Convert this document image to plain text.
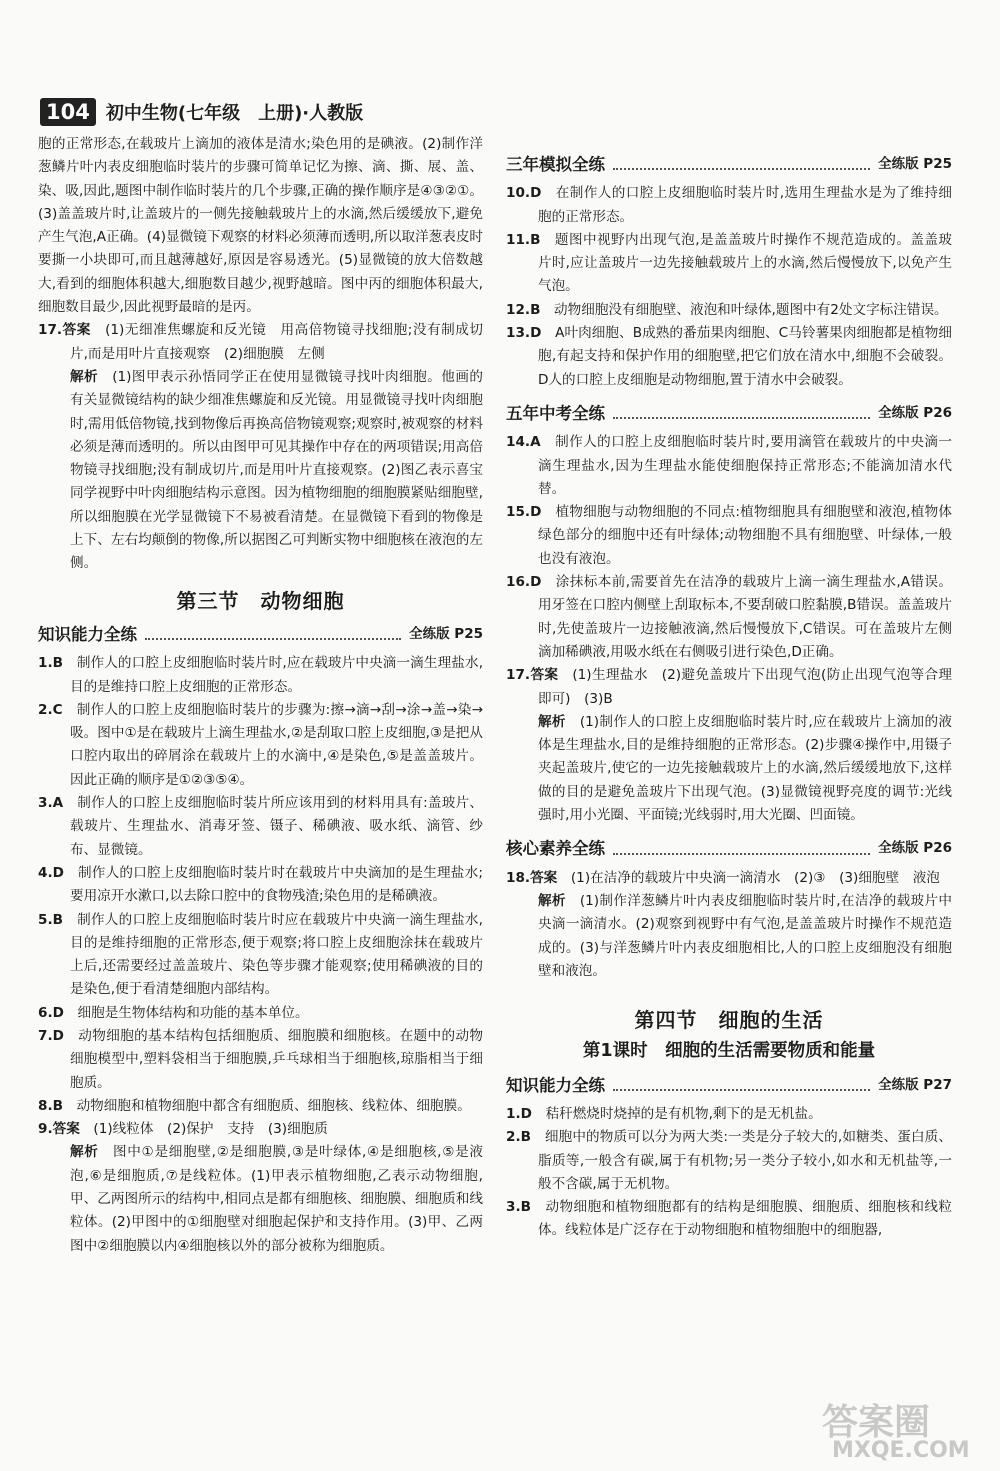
104 初中生物(七年级　上册)·人教版

胞的正常形态,在载玻片上滴加的液体是清水;染色用的是碘液。(2)制作洋葱鳞片叶内表皮细胞临时装片的步骤可简单记忆为擦、滴、撕、展、盖、染、吸,因此,题图中制作临时装片的几个步骤,正确的操作顺序是④③②①。(3)盖盖玻片时,让盖玻片的一侧先接触载玻片上的水滴,然后缓缓放下,避免产生气泡,A正确。(4)显微镜下观察的材料必须薄而透明,所以取洋葱表皮时要撕一小块即可,而且越薄越好,原因是容易透光。(5)显微镜的放大倍数越大,看到的细胞体积越大,细胞数目越少,视野越暗。图中丙的细胞体积最大,细胞数目最少,因此视野最暗的是丙。

17.答案　 (1)无细准焦螺旋和反光镜　用高倍物镜寻找细胞;没有制成切片,而是用叶片直接观察　(2)细胞膜　左侧

解析　 (1)图甲表示孙悟同学正在使用显微镜寻找叶肉细胞。他画的有关显微镜结构的缺少细准焦螺旋和反光镜。用显微镜寻找叶肉细胞时,需用低倍物镜,找到物像后再换高倍物镜观察;观察时,被观察的材料必须是薄而透明的。所以由图甲可见其操作中存在的两项错误;用高倍物镜寻找细胞;没有制成切片,而是用叶片直接观察。(2)图乙表示喜宝同学视野中叶肉细胞结构示意图。因为植物细胞的细胞膜紧贴细胞壁,所以细胞膜在光学显微镜下不易被看清楚。在显微镜下看到的物像是上下、左右均颠倒的物像,所以据图乙可判断实物中细胞核在液泡的左侧。

第三节　动物细胞
知识能力全练	全练版 P25

1.B　 制作人的口腔上皮细胞临时装片时,应在载玻片中央滴一滴生理盐水,目的是维持口腔上皮细胞的正常形态。

2.C　 制作人的口腔上皮细胞临时装片的步骤为:擦→滴→刮→涂→盖→染→吸。图中①是在载玻片上滴生理盐水,②是刮取口腔上皮细胞,③是把从口腔内取出的碎屑涂在载玻片上的水滴中,④是染色,⑤是盖盖玻片。因此正确的顺序是①②③⑤④。

3.A　 制作人的口腔上皮细胞临时装片所应该用到的材料用具有:盖玻片、载玻片、生理盐水、消毒牙签、镊子、稀碘液、吸水纸、滴管、纱布、显微镜。

4.D　 制作人的口腔上皮细胞临时装片时在载玻片中央滴加的是生理盐水;要用凉开水漱口,以去除口腔中的食物残渣;染色用的是稀碘液。

5.B　 制作人的口腔上皮细胞临时装片时应在载玻片中央滴一滴生理盐水,目的是维持细胞的正常形态,便于观察;将口腔上皮细胞涂抹在载玻片上后,还需要经过盖盖玻片、染色等步骤才能观察;使用稀碘液的目的是染色,便于看清楚细胞内部结构。

6.D　 细胞是生物体结构和功能的基本单位。

7.D　 动物细胞的基本结构包括细胞质、细胞膜和细胞核。在题中的动物细胞模型中,塑料袋相当于细胞膜,乒乓球相当于细胞核,琼脂相当于细胞质。

8.B　 动物细胞和植物细胞中都含有细胞质、细胞核、线粒体、细胞膜。

9.答案　 (1)线粒体　(2)保护　支持　(3)细胞质

解析　 图中①是细胞壁,②是细胞膜,③是叶绿体,④是细胞核,⑤是液泡,⑥是细胞质,⑦是线粒体。(1)甲表示植物细胞,乙表示动物细胞,甲、乙两图所示的结构中,相同点是都有细胞核、细胞膜、细胞质和线粒体。(2)甲图中的①细胞壁对细胞起保护和支持作用。(3)甲、乙两图中②细胞膜以内④细胞核以外的部分被称为细胞质。

三年模拟全练	全练版 P25

10.D　 在制作人的口腔上皮细胞临时装片时,选用生理盐水是为了维持细胞的正常形态。

11.B　 题图中视野内出现气泡,是盖盖玻片时操作不规范造成的。盖盖玻片时,应让盖玻片一边先接触载玻片上的水滴,然后慢慢放下,以免产生气泡。

12.B　 动物细胞没有细胞壁、液泡和叶绿体,题图中有2处文字标注错误。

13.D　 A叶肉细胞、B成熟的番茄果肉细胞、C马铃薯果肉细胞都是植物细胞,有起支持和保护作用的细胞壁,把它们放在清水中,细胞不会破裂。D人的口腔上皮细胞是动物细胞,置于清水中会破裂。

五年中考全练	全练版 P26

14.A　 制作人的口腔上皮细胞临时装片时,要用滴管在载玻片的中央滴一滴生理盐水,因为生理盐水能使细胞保持正常形态;不能滴加清水代替。

15.D　 植物细胞与动物细胞的不同点:植物细胞具有细胞壁和液泡,植物体绿色部分的细胞中还有叶绿体;动物细胞不具有细胞壁、叶绿体,一般也没有液泡。

16.D　 涂抹标本前,需要首先在洁净的载玻片上滴一滴生理盐水,A错误。用牙签在口腔内侧壁上刮取标本,不要刮破口腔黏膜,B错误。盖盖玻片时,先使盖玻片一边接触液滴,然后慢慢放下,C错误。可在盖玻片左侧滴加稀碘液,用吸水纸在右侧吸引进行染色,D正确。

17.答案　 (1)生理盐水　(2)避免盖玻片下出现气泡(防止出现气泡等合理即可)　(3)B

解析　 (1)制作人的口腔上皮细胞临时装片时,应在载玻片上滴加的液体是生理盐水,目的是维持细胞的正常形态。(2)步骤④操作中,用镊子夹起盖玻片,使它的一边先接触载玻片上的水滴,然后缓缓地放下,这样做的目的是避免盖玻片下出现气泡。(3)显微镜视野亮度的调节:光线强时,用小光圈、平面镜;光线弱时,用大光圈、凹面镜。

核心素养全练	全练版 P26

18.答案　 (1)在洁净的载玻片中央滴一滴清水　(2)③　(3)细胞壁　液泡

解析　 (1)制作洋葱鳞片叶内表皮细胞临时装片时,在洁净的载玻片中央滴一滴清水。(2)观察到视野中有气泡,是盖盖玻片时操作不规范造成的。(3)与洋葱鳞片叶内表皮细胞相比,人的口腔上皮细胞没有细胞壁和液泡。

第四节　细胞的生活
第1课时　细胞的生活需要物质和能量
知识能力全练	全练版 P27

1.D　 秸秆燃烧时烧掉的是有机物,剩下的是无机盐。

2.B　 细胞中的物质可以分为两大类:一类是分子较大的,如糖类、蛋白质、脂质等,一般含有碳,属于有机物;另一类分子较小,如水和无机盐等,一般不含碳,属于无机物。

3.B　 动物细胞和植物细胞都有的结构是细胞膜、细胞质、细胞核和线粒体。线粒体是广泛存在于动物细胞和植物细胞中的细胞器,

答案圈
MXQE.COM
